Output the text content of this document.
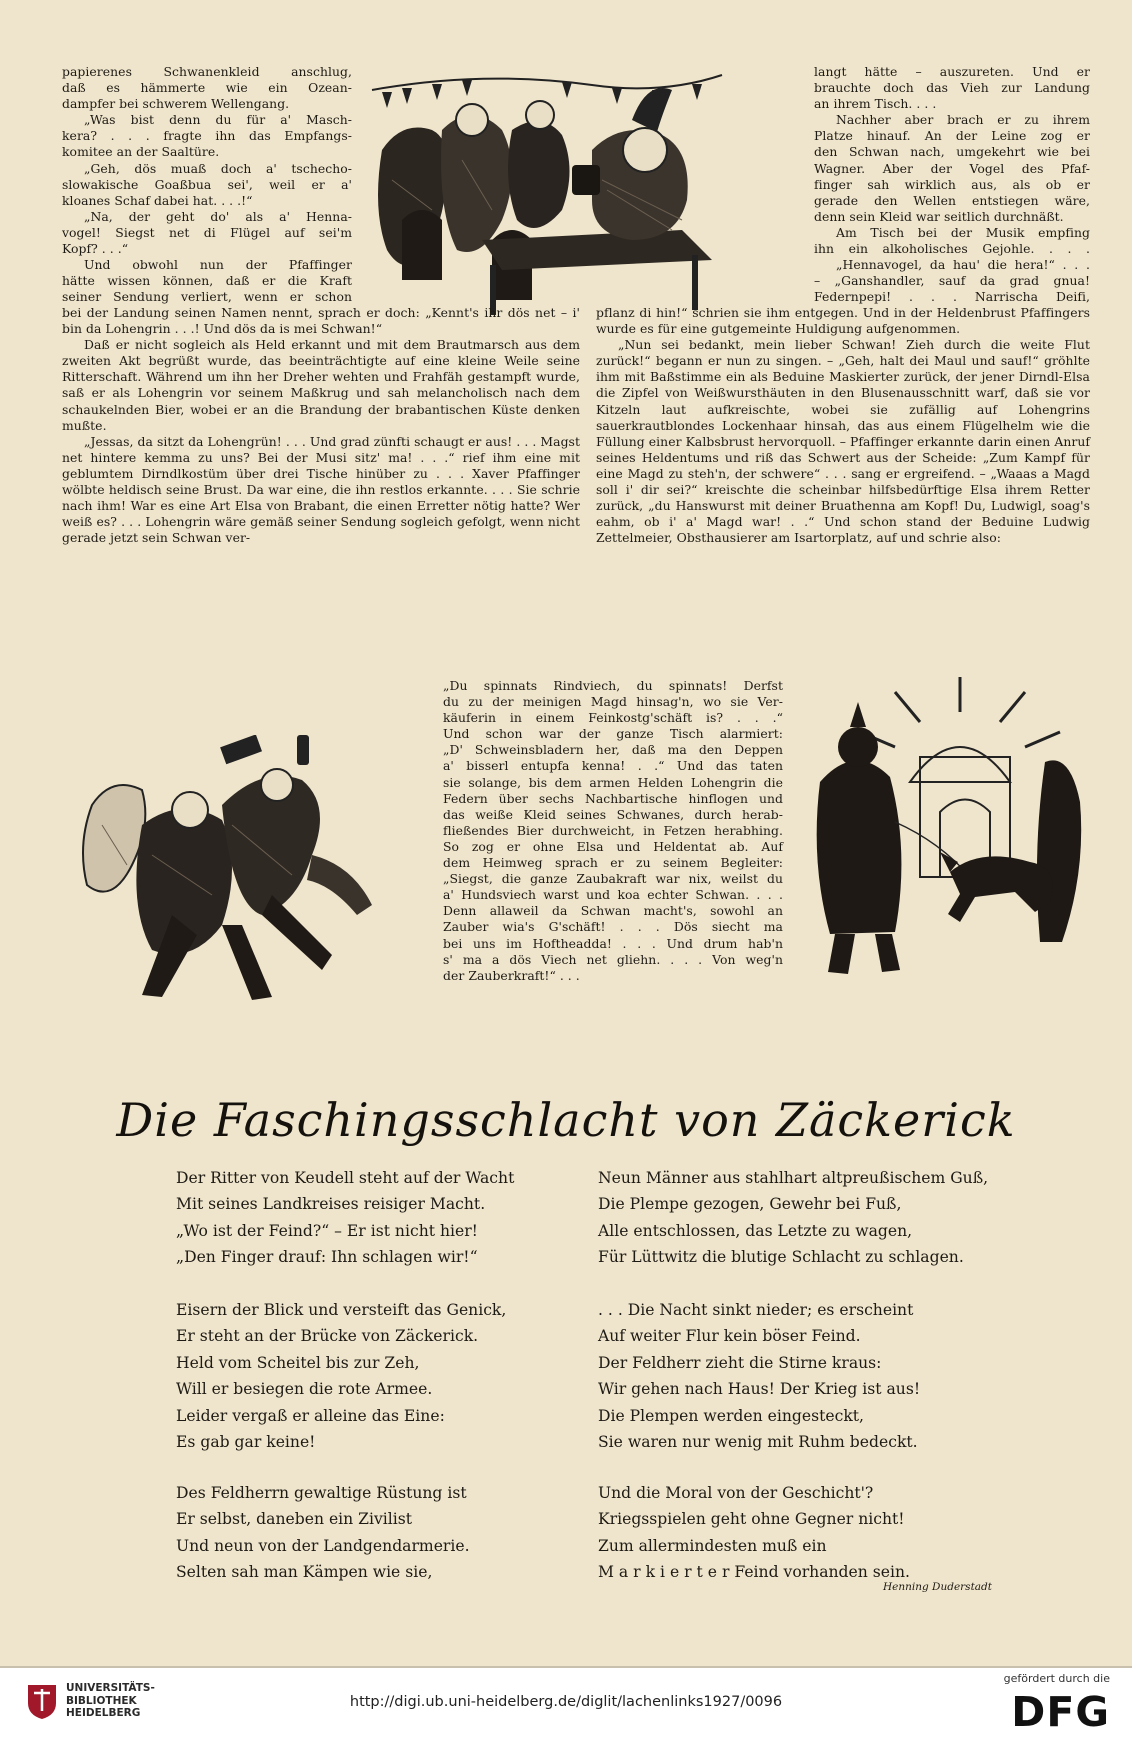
papierenes Schwanenkleid anschlug,
daß es hämmerte wie ein Ozean-
dampfer bei schwerem Wellengang.
„Was bist denn du für a' Masch-
kera? . . . fragte ihn das Empfangs-
komitee an der Saaltüre.
„Geh, dös muaß doch a' tschecho-
slowakische Goaßbua sei', weil er a'
kloanes Schaf dabei hat. . . .!“
„Na, der geht do' als a' Henna-
vogel! Siegst net di Flügel auf sei'm
Kopf? . . .“
Und obwohl nun der Pfaffinger
hätte wissen können, daß er die Kraft
seiner Sendung verliert, wenn er schon
langt hätte – auszureten. Und er
brauchte doch das Vieh zur Landung
an ihrem Tisch. . . .
Nachher aber brach er zu ihrem
Platze hinauf. An der Leine zog er
den Schwan nach, umgekehrt wie bei
Wagner. Aber der Vogel des Pfaf-
finger sah wirklich aus, als ob er
gerade den Wellen entstiegen wäre,
denn sein Kleid war seitlich durchnäßt.
Am Tisch bei der Musik empfing
ihn ein alkoholisches Gejohle. . . .
„Hennavogel, da hau' die hera!“ . . .
– „Ganshandler, sauf da grad gnua!
Federnpepi! . . . Narrischa Deifi,

bei der Landung seinen Namen nennt, sprach er doch: „Kennt's ihr dös net – i' bin da Lohengrin . . .! Und dös da is mei Schwan!“

Daß er nicht sogleich als Held erkannt und mit dem Brautmarsch aus dem zweiten Akt begrüßt wurde, das beeinträchtigte auf eine kleine Weile seine Ritterschaft. Während um ihn her Dreher wehten und Frahfäh gestampft wurde, saß er als Lohengrin vor seinem Maßkrug und sah melancholisch nach dem schaukelnden Bier, wobei er an die Brandung der brabantischen Küste denken mußte.

„Jessas, da sitzt da Lohengrün! . . . Und grad zünfti schaugt er aus! . . . Magst net hintere kemma zu uns? Bei der Musi sitz' ma! . . .“ rief ihm eine mit geblumtem Dirndlkostüm über drei Tische hinüber zu . . . Xaver Pfaffinger wölbte heldisch seine Brust. Da war eine, die ihn restlos erkannte. . . . Sie schrie nach ihm! War es eine Art Elsa von Brabant, die einen Erretter nötig hatte? Wer weiß es? . . . Lohengrin wäre gemäß seiner Sendung sogleich gefolgt, wenn nicht gerade jetzt sein Schwan ver-

pflanz di hin!“ schrien sie ihm entgegen. Und in der Heldenbrust Pfaffingers wurde es für eine gutgemeinte Huldigung aufgenommen.

„Nun sei bedankt, mein lieber Schwan! Zieh durch die weite Flut zurück!“ begann er nun zu singen. – „Geh, halt dei Maul und sauf!“ gröhlte ihm mit Baßstimme ein als Beduine Maskierter zurück, der jener Dirndl-Elsa die Zipfel von Weißwursthäuten in den Blusenausschnitt warf, daß sie vor Kitzeln laut aufkreischte, wobei sie zufällig auf Lohengrins sauerkrautblondes Lockenhaar hinsah, das aus einem Flügelhelm wie die Füllung einer Kalbsbrust hervorquoll. – Pfaffinger erkannte darin einen Anruf seines Heldentums und riß das Schwert aus der Scheide: „Zum Kampf für eine Magd zu steh'n, der schwere“ . . . sang er ergreifend. – „Waaas a Magd soll i' dir sei?“ kreischte die scheinbar hilfsbedürftige Elsa ihrem Retter zurück, „du Hanswurst mit deiner Bruathenna am Kopf! Du, Ludwigl, soag's eahm, ob i' a' Magd war! . .“ Und schon stand der Beduine Ludwig Zettelmeier, Obsthausierer am Isartorplatz, auf und schrie also:

„Du spinnats Rindviech, du spinnats! Derfst
du zu der meinigen Magd hinsag'n, wo sie Ver-
käuferin in einem Feinkostg'schäft is? . . .“
Und schon war der ganze Tisch alarmiert:
„D' Schweinsbladern her, daß ma den Deppen
a' bisserl entupfa kenna! . .“ Und das taten
sie solange, bis dem armen Helden Lohengrin die
Federn über sechs Nachbartische hinflogen und
das weiße Kleid seines Schwanes, durch herab-
fließendes Bier durchweicht, in Fetzen herabhing.
So zog er ohne Elsa und Heldentat ab. Auf
dem Heimweg sprach er zu seinem Begleiter:
„Siegst, die ganze Zaubakraft war nix, weilst du
a' Hundsviech warst und koa echter Schwan. . . .
Denn allaweil da Schwan macht's, sowohl an
Zauber wia's G'schäft! . . . Dös siecht ma
bei uns im Hoftheadda! . . . Und drum hab'n
s' ma a dös Viech net gliehn. . . . Von weg'n
der Zauberkraft!“ . . .
Die Faschingsschlacht von Zäckerick
Der Ritter von Keudell steht auf der Wacht
Mit seines Landkreises reisiger Macht.
„Wo ist der Feind?“ – Er ist nicht hier!
„Den Finger drauf: Ihn schlagen wir!“
Eisern der Blick und versteift das Genick,
Er steht an der Brücke von Zäckerick.
Held vom Scheitel bis zur Zeh,
Will er besiegen die rote Armee.
Leider vergaß er alleine das Eine:
Es gab gar keine!
Des Feldherrn gewaltige Rüstung ist
Er selbst, daneben ein Zivilist
Und neun von der Landgendarmerie.
Selten sah man Kämpen wie sie,
Neun Männer aus stahlhart altpreußischem Guß,
Die Plempe gezogen, Gewehr bei Fuß,
Alle entschlossen, das Letzte zu wagen,
Für Lüttwitz die blutige Schlacht zu schlagen.
. . . Die Nacht sinkt nieder; es erscheint
Auf weiter Flur kein böser Feind.
Der Feldherr zieht die Stirne kraus:
Wir gehen nach Haus! Der Krieg ist aus!
Die Plempen werden eingesteckt,
Sie waren nur wenig mit Ruhm bedeckt.
Und die Moral von der Geschicht'?
Kriegsspielen geht ohne Gegner nicht!
Zum allermindesten muß ein
M a r k i e r t e r Feind vorhanden sein.
Henning Duderstadt
UNIVERSITÄTS-
BIBLIOTHEK
HEIDELBERG
http://digi.ub.uni-heidelberg.de/diglit/lachenlinks1927/0096
gefördert durch die
DFG
